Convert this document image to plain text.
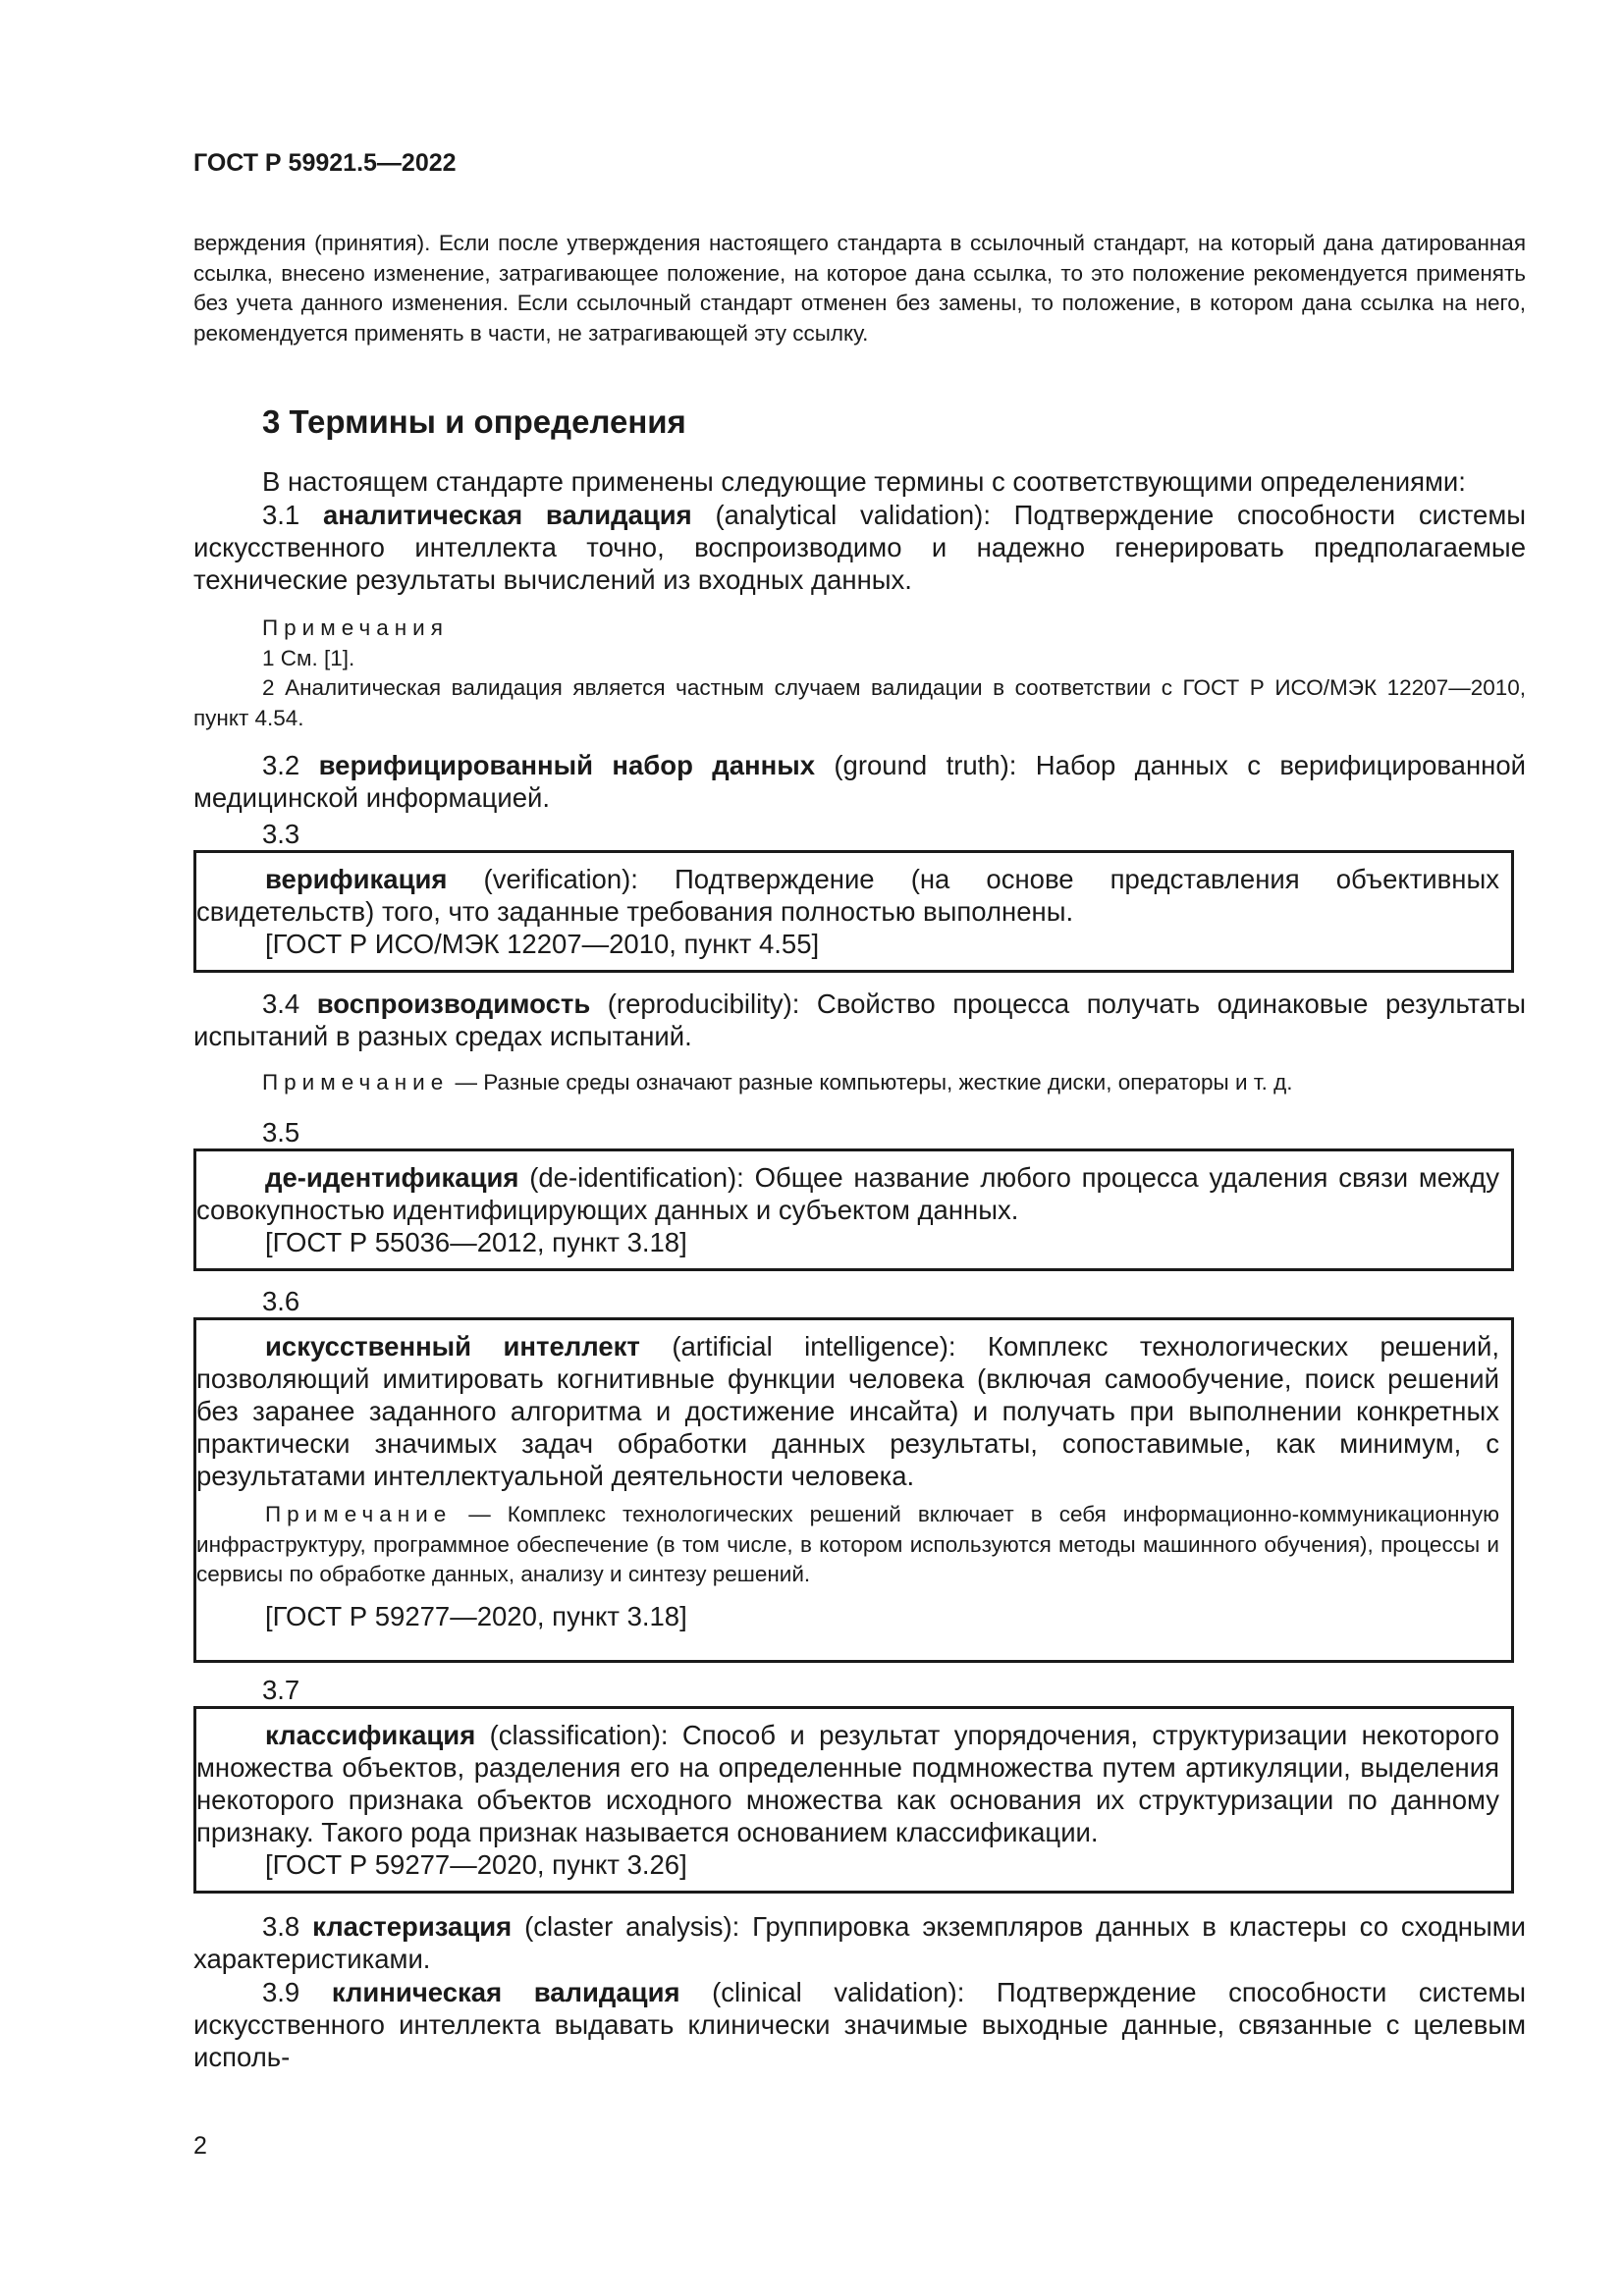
ГОСТ Р 59921.5—2022

верждения (принятия). Если после утверждения настоящего стандарта в ссылочный стандарт, на который дана датированная ссылка, внесено изменение, затрагивающее положение, на которое дана ссылка, то это положение рекомендуется применять без учета данного изменения. Если ссылочный стандарт отменен без замены, то положение, в котором дана ссылка на него, рекомендуется применять в части, не затрагивающей эту ссылку.

3 Термины и определения

В настоящем стандарте применены следующие термины с соответствующими определениями:

3.1 аналитическая валидация (analytical validation): Подтверждение способности системы искусственного интеллекта точно, воспроизводимо и надежно генерировать предполагаемые технические результаты вычислений из входных данных.

Примечания

1 См. [1].

2 Аналитическая валидация является частным случаем валидации в соответствии с ГОСТ Р ИСО/МЭК 12207—2010, пункт 4.54.

3.2 верифицированный набор данных (ground truth): Набор данных с верифицированной медицинской информацией.

3.3

верификация (verification): Подтверждение (на основе представления объективных свидетельств) того, что заданные требования полностью выполнены.

[ГОСТ Р ИСО/МЭК 12207—2010, пункт 4.55]

3.4 воспроизводимость (reproducibility): Свойство процесса получать одинаковые результаты испытаний в разных средах испытаний.

Примечание — Разные среды означают разные компьютеры, жесткие диски, операторы и т. д.

3.5

де-идентификация (de-identification): Общее название любого процесса удаления связи между совокупностью идентифицирующих данных и субъектом данных.

[ГОСТ Р 55036—2012, пункт 3.18]

3.6

искусственный интеллект (artificial intelligence): Комплекс технологических решений, позволяющий имитировать когнитивные функции человека (включая самообучение, поиск решений без заранее заданного алгоритма и достижение инсайта) и получать при выполнении конкретных практически значимых задач обработки данных результаты, сопоставимые, как минимум, с результатами интеллектуальной деятельности человека.

Примечание — Комплекс технологических решений включает в себя информационно-коммуникационную инфраструктуру, программное обеспечение (в том числе, в котором используются методы машинного обучения), процессы и сервисы по обработке данных, анализу и синтезу решений.

[ГОСТ Р 59277—2020, пункт 3.18]

3.7

классификация (classification): Способ и результат упорядочения, структуризации некоторого множества объектов, разделения его на определенные подмножества путем артикуляции, выделения некоторого признака объектов исходного множества как основания их структуризации по данному признаку. Такого рода признак называется основанием классификации.

[ГОСТ Р 59277—2020, пункт 3.26]

3.8 кластеризация (claster analysis): Группировка экземпляров данных в кластеры со сходными характеристиками.

3.9 клиническая валидация (clinical validation): Подтверждение способности системы искусственного интеллекта выдавать клинически значимые выходные данные, связанные с целевым исполь-

2
